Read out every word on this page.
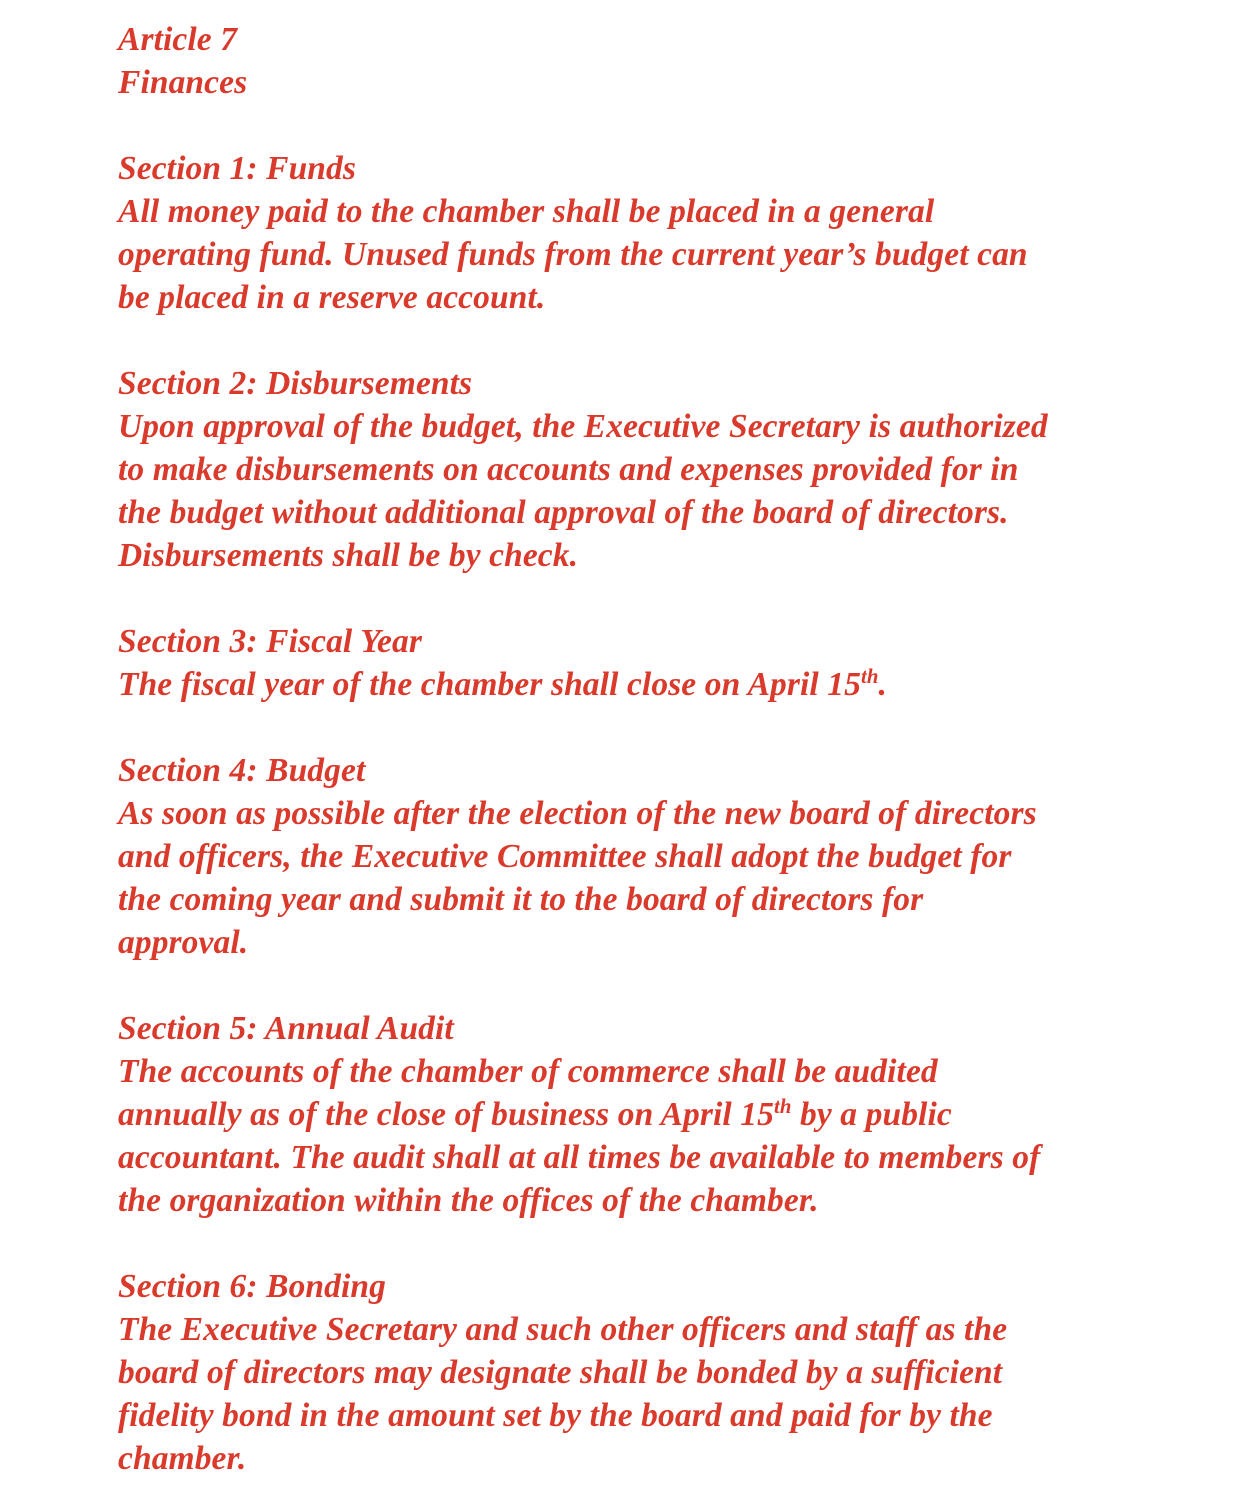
Article 7

Finances

Section 1: Funds

All money paid to the chamber shall be placed in a general

operating fund. Unused funds from the current year’s budget can

be placed in a reserve account.

Section 2: Disbursements

Upon approval of the budget, the Executive Secretary is authorized

to make disbursements on accounts and expenses provided for in

the budget without additional approval of the board of directors.

Disbursements shall be by check.

Section 3: Fiscal Year

The fiscal year of the chamber shall close on April 15th.

Section 4: Budget

As soon as possible after the election of the new board of directors

and officers, the Executive Committee shall adopt the budget for

the coming year and submit it to the board of directors for

approval.

Section 5: Annual Audit

The accounts of the chamber of commerce shall be audited

annually as of the close of business on April 15th by a public

accountant. The audit shall at all times be available to members of

the organization within the offices of the chamber.

Section 6: Bonding

The Executive Secretary and such other officers and staff as the

board of directors may designate shall be bonded by a sufficient

fidelity bond in the amount set by the board and paid for by the

chamber.
